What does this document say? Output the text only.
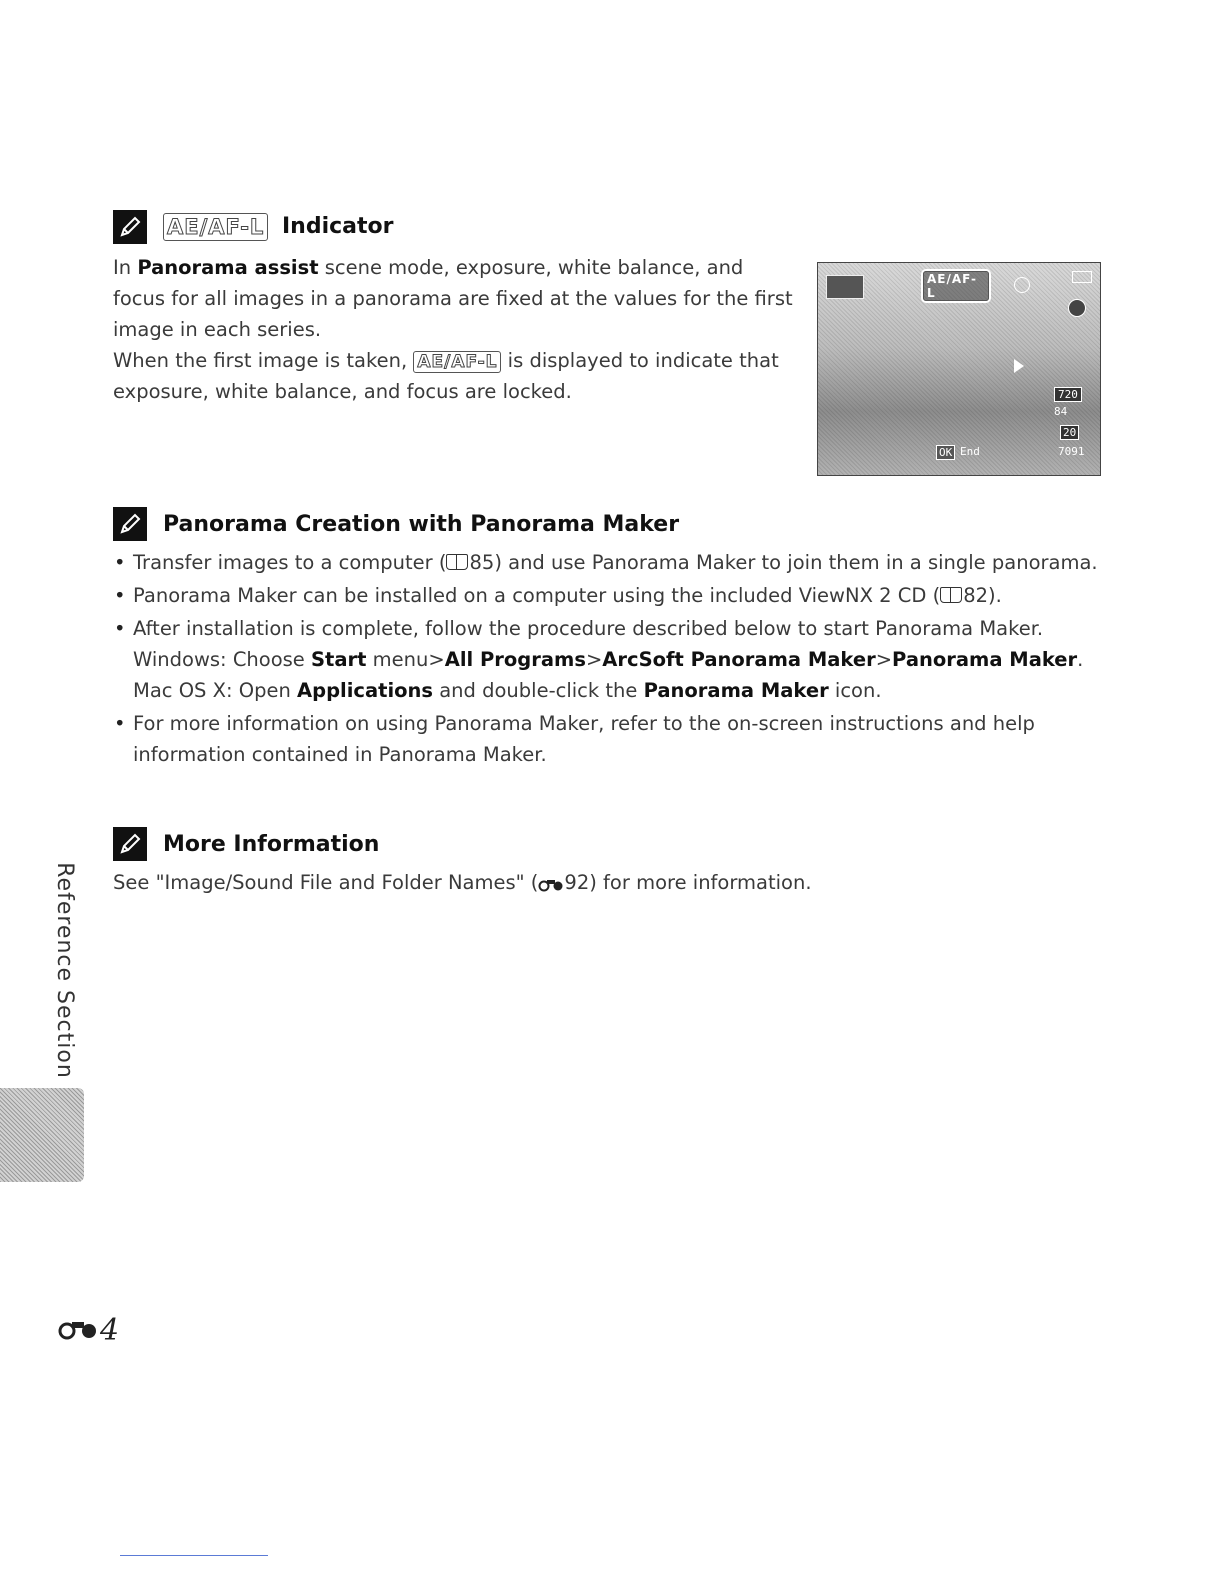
AE/AF-L Indicator

In Panorama assist scene mode, exposure, white balance, and focus for all images in a panorama are fixed at the values for the first image in each series.

When the first image is taken, AE/AF-L is displayed to indicate that exposure, white balance, and focus are locked.

AE/AF-L
720
84
20
OK End	7091
Panorama Creation with Panorama Maker
• Transfer images to a computer ( 85) and use Panorama Maker to join them in a single panorama.
• Panorama Maker can be installed on a computer using the included ViewNX 2 CD ( 82).
• After installation is complete, follow the procedure described below to start Panorama Maker.
Windows: Choose Start menu>All Programs>ArcSoft Panorama Maker>Panorama Maker.
Mac OS X: Open Applications and double-click the Panorama Maker icon.
• For more information on using Panorama Maker, refer to the on-screen instructions and help information contained in Panorama Maker.
More Information

See "Image/Sound File and Folder Names" ( 92) for more information.

Reference Section
4
